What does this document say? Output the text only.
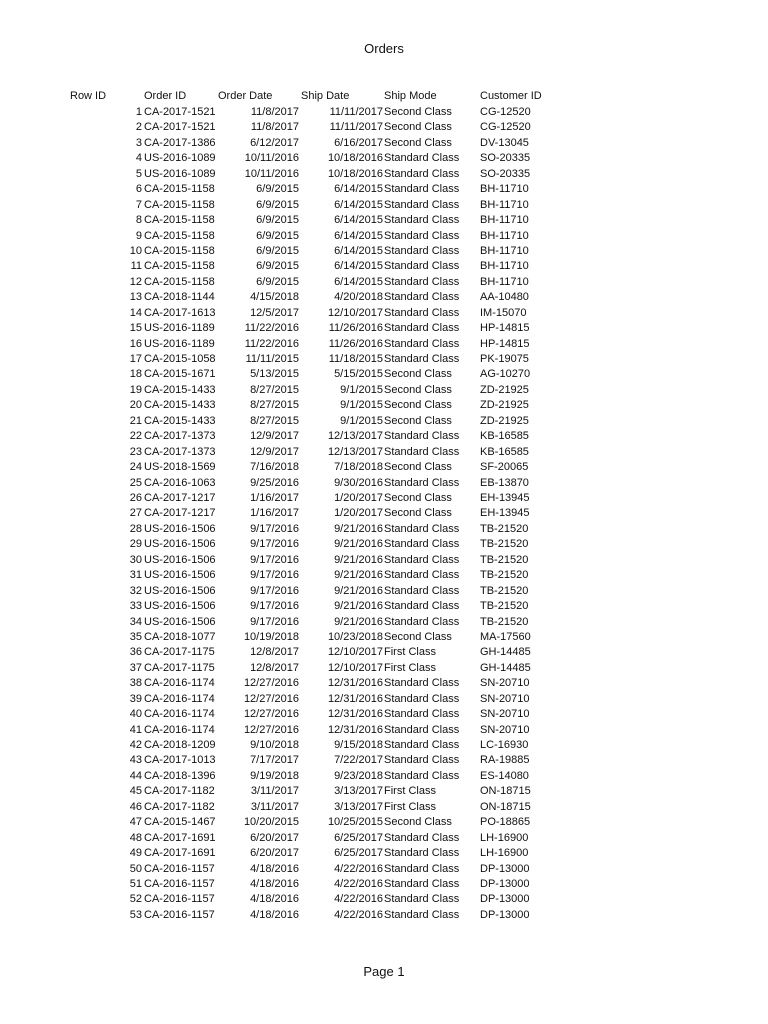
Orders
Row ID	Order ID	Order Date	Ship Date	Ship Mode	Customer ID
1 CA-2017-1521	11/8/2017	11/11/2017 Second Class	CG-12520
2 CA-2017-1521	11/8/2017	11/11/2017 Second Class	CG-12520
3 CA-2017-1386	6/12/2017	6/16/2017 Second Class	DV-13045
4 US-2016-1089	10/11/2016	10/18/2016 Standard Class	SO-20335
5 US-2016-1089	10/11/2016	10/18/2016 Standard Class	SO-20335
6 CA-2015-1158	6/9/2015	6/14/2015 Standard Class	BH-11710
7 CA-2015-1158	6/9/2015	6/14/2015 Standard Class	BH-11710
8 CA-2015-1158	6/9/2015	6/14/2015 Standard Class	BH-11710
9 CA-2015-1158	6/9/2015	6/14/2015 Standard Class	BH-11710
10 CA-2015-1158	6/9/2015	6/14/2015 Standard Class	BH-11710
11 CA-2015-1158	6/9/2015	6/14/2015 Standard Class	BH-11710
12 CA-2015-1158	6/9/2015	6/14/2015 Standard Class	BH-11710
13 CA-2018-1144	4/15/2018	4/20/2018 Standard Class	AA-10480
14 CA-2017-1613	12/5/2017	12/10/2017 Standard Class	IM-15070
15 US-2016-1189	11/22/2016	11/26/2016 Standard Class	HP-14815
16 US-2016-1189	11/22/2016	11/26/2016 Standard Class	HP-14815
17 CA-2015-1058	11/11/2015	11/18/2015 Standard Class	PK-19075
18 CA-2015-1671	5/13/2015	5/15/2015 Second Class	AG-10270
19 CA-2015-1433	8/27/2015	9/1/2015 Second Class	ZD-21925
20 CA-2015-1433	8/27/2015	9/1/2015 Second Class	ZD-21925
21 CA-2015-1433	8/27/2015	9/1/2015 Second Class	ZD-21925
22 CA-2017-1373	12/9/2017	12/13/2017 Standard Class	KB-16585
23 CA-2017-1373	12/9/2017	12/13/2017 Standard Class	KB-16585
24 US-2018-1569	7/16/2018	7/18/2018 Second Class	SF-20065
25 CA-2016-1063	9/25/2016	9/30/2016 Standard Class	EB-13870
26 CA-2017-1217	1/16/2017	1/20/2017 Second Class	EH-13945
27 CA-2017-1217	1/16/2017	1/20/2017 Second Class	EH-13945
28 US-2016-1506	9/17/2016	9/21/2016 Standard Class	TB-21520
29 US-2016-1506	9/17/2016	9/21/2016 Standard Class	TB-21520
30 US-2016-1506	9/17/2016	9/21/2016 Standard Class	TB-21520
31 US-2016-1506	9/17/2016	9/21/2016 Standard Class	TB-21520
32 US-2016-1506	9/17/2016	9/21/2016 Standard Class	TB-21520
33 US-2016-1506	9/17/2016	9/21/2016 Standard Class	TB-21520
34 US-2016-1506	9/17/2016	9/21/2016 Standard Class	TB-21520
35 CA-2018-1077	10/19/2018	10/23/2018 Second Class	MA-17560
36 CA-2017-1175	12/8/2017	12/10/2017 First Class	GH-14485
37 CA-2017-1175	12/8/2017	12/10/2017 First Class	GH-14485
38 CA-2016-1174	12/27/2016	12/31/2016 Standard Class	SN-20710
39 CA-2016-1174	12/27/2016	12/31/2016 Standard Class	SN-20710
40 CA-2016-1174	12/27/2016	12/31/2016 Standard Class	SN-20710
41 CA-2016-1174	12/27/2016	12/31/2016 Standard Class	SN-20710
42 CA-2018-1209	9/10/2018	9/15/2018 Standard Class	LC-16930
43 CA-2017-1013	7/17/2017	7/22/2017 Standard Class	RA-19885
44 CA-2018-1396	9/19/2018	9/23/2018 Standard Class	ES-14080
45 CA-2017-1182	3/11/2017	3/13/2017 First Class	ON-18715
46 CA-2017-1182	3/11/2017	3/13/2017 First Class	ON-18715
47 CA-2015-1467	10/20/2015	10/25/2015 Second Class	PO-18865
48 CA-2017-1691	6/20/2017	6/25/2017 Standard Class	LH-16900
49 CA-2017-1691	6/20/2017	6/25/2017 Standard Class	LH-16900
50 CA-2016-1157	4/18/2016	4/22/2016 Standard Class	DP-13000
51 CA-2016-1157	4/18/2016	4/22/2016 Standard Class	DP-13000
52 CA-2016-1157	4/18/2016	4/22/2016 Standard Class	DP-13000
53 CA-2016-1157	4/18/2016	4/22/2016 Standard Class	DP-13000
Page 1
